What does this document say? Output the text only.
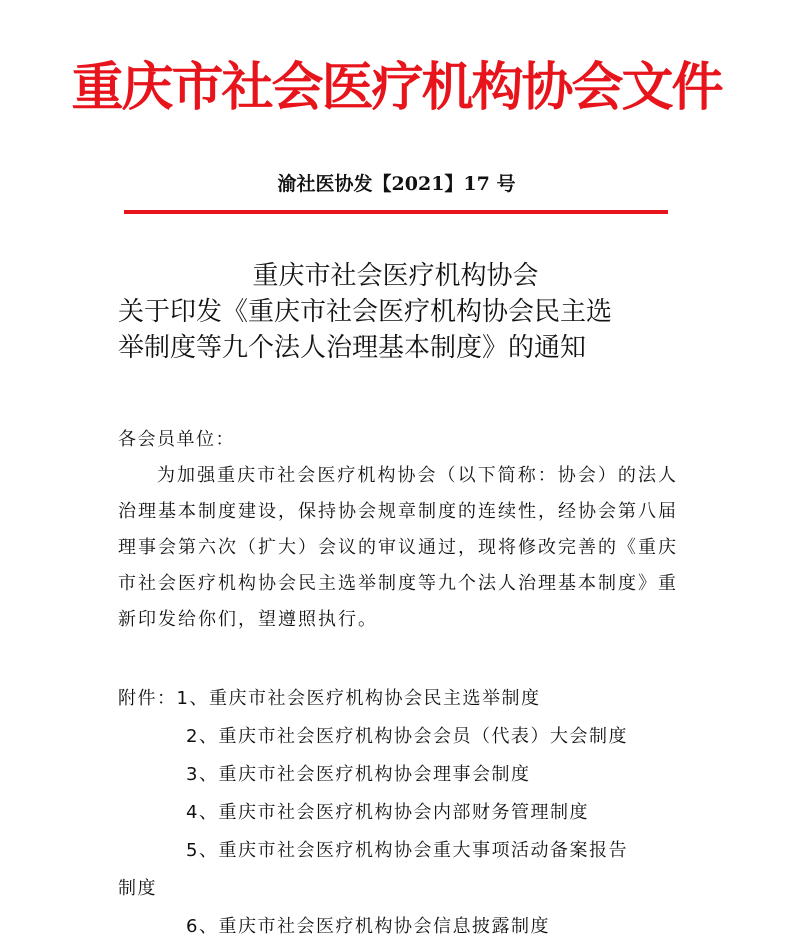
重庆市社会医疗机构协会文件
渝社医协发【2021】17 号
重庆市社会医疗机构协会
关于印发《重庆市社会医疗机构协会民主选
举制度等九个法人治理基本制度》的通知
各会员单位：
为加强重庆市社会医疗机构协会（以下简称：协会）的法人治理基本制度建设，保持协会规章制度的连续性，经协会第八届理事会第六次（扩大）会议的审议通过，现将修改完善的《重庆市社会医疗机构协会民主选举制度等九个法人治理基本制度》重新印发给你们，望遵照执行。
附件：1、重庆市社会医疗机构协会民主选举制度
2、重庆市社会医疗机构协会会员（代表）大会制度
3、重庆市社会医疗机构协会理事会制度
4、重庆市社会医疗机构协会内部财务管理制度
5、重庆市社会医疗机构协会重大事项活动备案报告
制度
6、重庆市社会医疗机构协会信息披露制度
